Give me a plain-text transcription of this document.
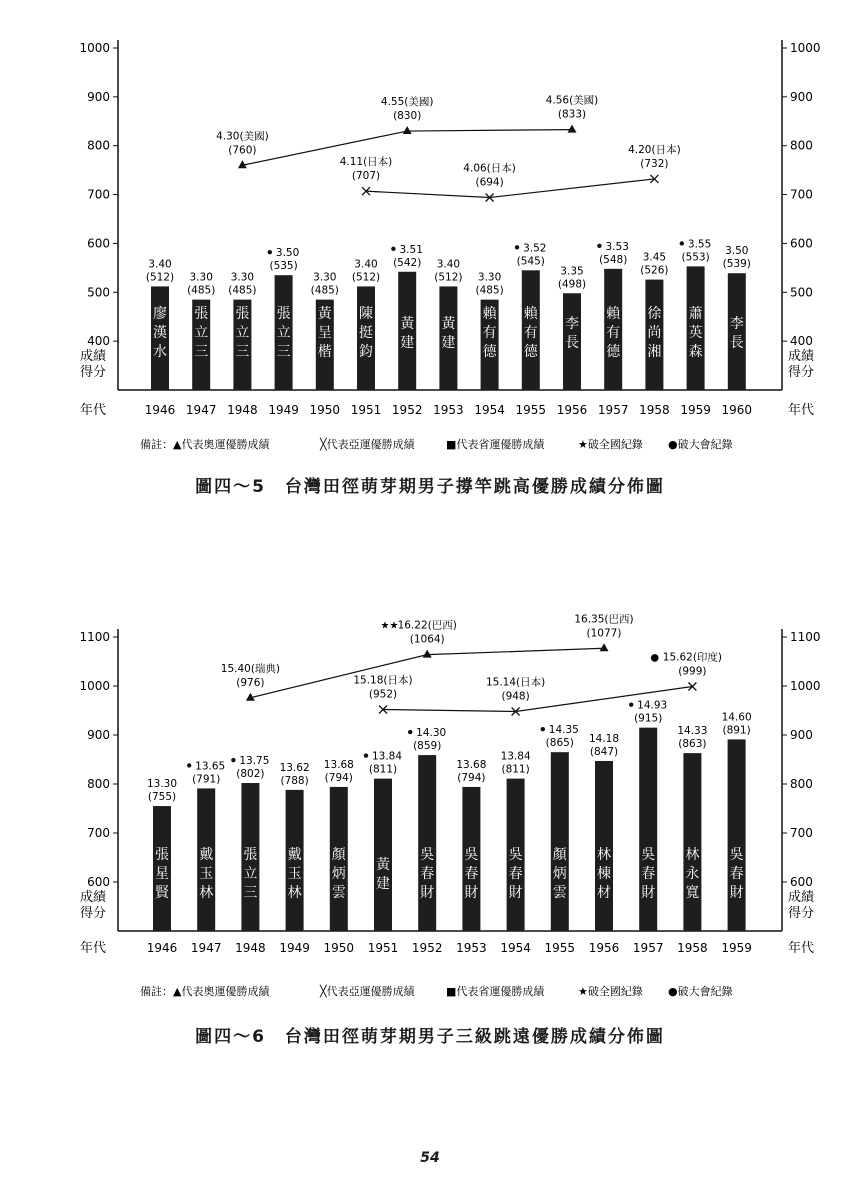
400	400
500	500
600	600
700	700
800	800
900	900
1000	1000
成績
得分
成績
得分
年代	年代
1946
3.40
(512)
廖
漢
水
1947
3.30
(485)
張
立
三
1948
3.30
(485)
張
立
三
1949
3.50
(535)
張
立
三
1950
3.30
(485)
黃
呈
楷
1951
3.40
(512)
陳
挺
鈞
1952
3.51
(542)
黃
建
1953
3.40
(512)
黃
建
1954
3.30
(485)
賴
有
德
1955
3.52
(545)
賴
有
德
1956
3.35
(498)
李
長
1957
3.53
(548)
賴
有
德
1958
3.45
(526)
徐
尚
湘
1959
3.55
(553)
蕭
英
森
1960
3.50
(539)
李
長
4.30(美國)
(760)
4.55(美國)
(830)
4.56(美國)
(833)
4.11(日本)
(707)
4.06(日本)
(694)
4.20(日本)
(732)
備註：▲代表奧運優勝成績	╳代表亞運優勝成績	■代表省運優勝成績	★破全國紀錄 ●破大會紀錄
圖四～5　台灣田徑萌芽期男子撐竿跳高優勝成績分佈圖
600	600
700	700
800	800
900	900
1000	1000
1100	1100
成績
得分
成績
得分
年代	年代
1946
13.30
(755)
張
星
賢
1947
13.65
(791)
戴
玉
林
1948
13.75
(802)
張
立
三
1949
13.62
(788)
戴
玉
林
1950
13.68
(794)
顏
炳
雲
1951
13.84
(811)
黃
建
1952
14.30
(859)
吳
春
財
1953
13.68
(794)
吳
春
財
1954
13.84
(811)
吳
春
財
1955
14.35
(865)
顏
炳
雲
1956
14.18
(847)
林
棟
材
1957
14.93
(915)
吳
春
財
1958
14.33
(863)
林
永
寬
1959
14.60
(891)
吳
春
財
15.40(瑞典)
(976)
16.22(巴西)
★★
(1064)
16.35(巴西)
(1077)
15.18(日本)
(952)
15.14(日本)
(948)
15.62(印度)
●
(999)
備註：▲代表奧運優勝成績	╳代表亞運優勝成績	■代表省運優勝成績	★破全國紀錄 ●破大會紀錄
圖四～6　台灣田徑萌芽期男子三級跳遠優勝成績分佈圖
54
